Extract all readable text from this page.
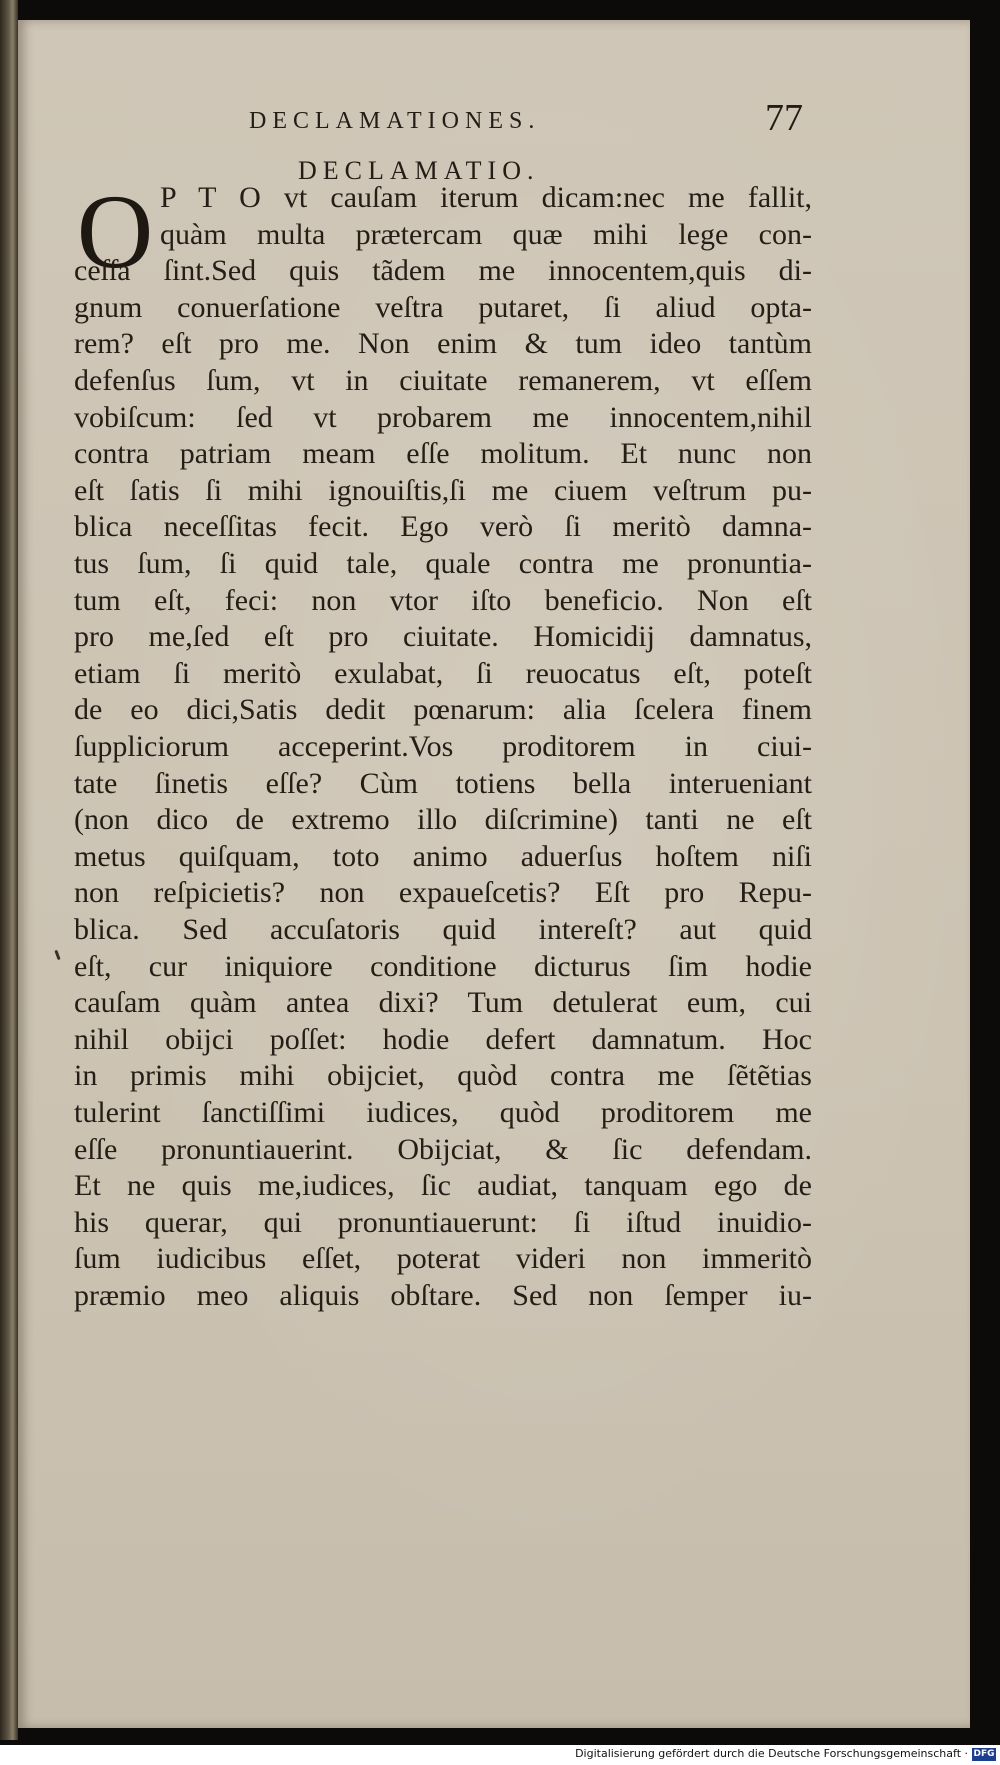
DECLAMATIONES.	77
DECLAMATIO.
O P T O vt cauſam iterum dicam:nec me fallit,
quàm multa prætercam quæ mihi lege con-
ceſſa ſint.Sed quis tãdem me innocentem,quis di-
gnum conuerſatione veſtra putaret, ſi aliud opta-
rem? eſt pro me. Non enim & tum ideo tantùm
defenſus ſum, vt in ciuitate remanerem, vt eſſem
vobiſcum: ſed vt probarem me innocentem,nihil
contra patriam meam eſſe molitum. Et nunc non
eſt ſatis ſi mihi ignouiſtis,ſi me ciuem veſtrum pu-
blica neceſſitas fecit. Ego verò ſi meritò damna-
tus ſum, ſi quid tale, quale contra me pronuntia-
tum eſt, feci: non vtor iſto beneficio. Non eſt
pro me,ſed eſt pro ciuitate. Homicidij damnatus,
etiam ſi meritò exulabat, ſi reuocatus eſt, poteſt
de eo dici,Satis dedit pœnarum: alia ſcelera finem
ſuppliciorum acceperint.Vos proditorem in ciui-
tate ſinetis eſſe? Cùm totiens bella interueniant
(non dico de extremo illo diſcrimine) tanti ne eſt
metus quiſquam, toto animo aduerſus hoſtem niſi
non reſpicietis? non expaueſcetis? Eſt pro Repu-
blica. Sed accuſatoris quid intereſt? aut quid
eſt, cur iniquiore conditione dicturus ſim hodie
cauſam quàm antea dixi? Tum detulerat eum, cui
nihil obijci poſſet: hodie defert damnatum. Hoc
in primis mihi obijciet, quòd contra me ſẽtẽtias
tulerint ſanctiſſimi iudices, quòd proditorem me
eſſe pronuntiauerint. Obijciat, & ſic defendam.
Et ne quis me,iudices, ſic audiat, tanquam ego de
his querar, qui pronuntiauerunt: ſi iſtud inuidio-
ſum iudicibus eſſet, poterat videri non immeritò
præmio meo aliquis obſtare. Sed non ſemper iu-
Digitalisierung gefördert durch die Deutsche Forschungsgemeinschaft · DFG
